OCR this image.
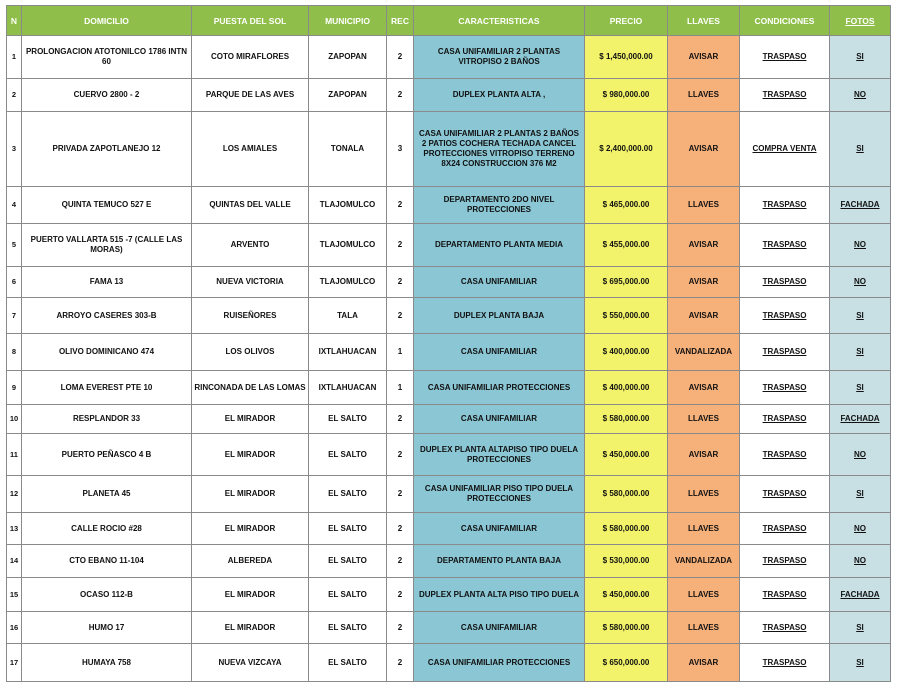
N	DOMICILIO	PUESTA DEL SOL	MUNICIPIO	REC	CARACTERISTICAS	PRECIO	LLAVES	CONDICIONES	FOTOS
1	PROLONGACION ATOTONILCO 1786 INTN 60	COTO MIRAFLORES	ZAPOPAN	2	CASA UNIFAMILIAR 2 PLANTAS VITROPISO 2 BAÑOS	$ 1,450,000.00	AVISAR	TRASPASO	SI
2	CUERVO 2800 - 2	PARQUE DE LAS AVES	ZAPOPAN	2	DUPLEX PLANTA ALTA ,	$ 980,000.00	LLAVES	TRASPASO	NO
3	PRIVADA ZAPOTLANEJO 12	LOS AMIALES	TONALA	3	CASA UNIFAMILIAR 2 PLANTAS 2 BAÑOS 2 PATIOS COCHERA TECHADA CANCEL PROTECCIONES VITROPISO TERRENO 8X24 CONSTRUCCION 376 M2	$ 2,400,000.00	AVISAR	COMPRA VENTA	SI
4	QUINTA TEMUCO 527 E	QUINTAS DEL VALLE	TLAJOMULCO	2	DEPARTAMENTO 2DO NIVEL PROTECCIONES	$ 465,000.00	LLAVES	TRASPASO	FACHADA
5	PUERTO VALLARTA 515 -7 (CALLE LAS MORAS)	ARVENTO	TLAJOMULCO	2	DEPARTAMENTO PLANTA MEDIA	$ 455,000.00	AVISAR	TRASPASO	NO
6	FAMA 13	NUEVA VICTORIA	TLAJOMULCO	2	CASA UNIFAMILIAR	$ 695,000.00	AVISAR	TRASPASO	NO
7	ARROYO CASERES 303-B	RUISEÑORES	TALA	2	DUPLEX PLANTA BAJA	$ 550,000.00	AVISAR	TRASPASO	SI
8	OLIVO DOMINICANO 474	LOS OLIVOS	IXTLAHUACAN	1	CASA UNIFAMILIAR	$ 400,000.00	VANDALIZADA	TRASPASO	SI
9	LOMA EVEREST PTE 10	RINCONADA DE LAS LOMAS	IXTLAHUACAN	1	CASA UNIFAMILIAR PROTECCIONES	$ 400,000.00	AVISAR	TRASPASO	SI
10	RESPLANDOR 33	EL MIRADOR	EL SALTO	2	CASA UNIFAMILIAR	$ 580,000.00	LLAVES	TRASPASO	FACHADA
11	PUERTO PEÑASCO 4 B	EL MIRADOR	EL SALTO	2	DUPLEX PLANTA ALTAPISO TIPO DUELA PROTECCIONES	$ 450,000.00	AVISAR	TRASPASO	NO
12	PLANETA 45	EL MIRADOR	EL SALTO	2	CASA UNIFAMILIAR PISO TIPO DUELA PROTECCIONES	$ 580,000.00	LLAVES	TRASPASO	SI
13	CALLE ROCIO #28	EL MIRADOR	EL SALTO	2	CASA UNIFAMILIAR	$ 580,000.00	LLAVES	TRASPASO	NO
14	CTO EBANO 11-104	ALBEREDA	EL SALTO	2	DEPARTAMENTO PLANTA BAJA	$ 530,000.00	VANDALIZADA	TRASPASO	NO
15	OCASO 112-B	EL MIRADOR	EL SALTO	2	DUPLEX PLANTA ALTA PISO TIPO DUELA	$ 450,000.00	LLAVES	TRASPASO	FACHADA
16	HUMO 17	EL MIRADOR	EL SALTO	2	CASA UNIFAMILIAR	$ 580,000.00	LLAVES	TRASPASO	SI
17	HUMAYA 758	NUEVA VIZCAYA	EL SALTO	2	CASA UNIFAMILIAR PROTECCIONES	$ 650,000.00	AVISAR	TRASPASO	SI
